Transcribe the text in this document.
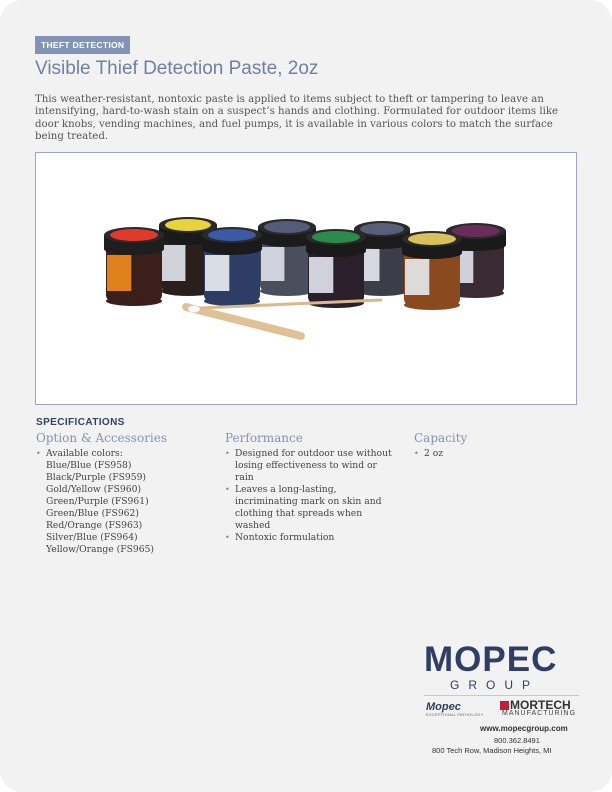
THEFT DETECTION
Visible Thief Detection Paste, 2oz
This weather-resistant, nontoxic paste is applied to items subject to theft or tampering to leave an intensifying, hard-to-wash stain on a suspect’s hands and clothing. Formulated for outdoor items like door knobs, vending machines, and fuel pumps, it is available in various colors to match the surface being treated.
SPECIFICATIONS
Option & Accessories
• Available colors:
Blue/Blue (FS958)
Black/Purple (FS959)
Gold/Yellow (FS960)
Green/Purple (FS961)
Green/Blue (FS962)
Red/Orange (FS963)
Silver/Blue (FS964)
Yellow/Orange (FS965)
Performance
• Designed for outdoor use without losing effectiveness to wind or rain
• Leaves a long-lasting, incriminating mark on skin and clothing that spreads when washed
• Nontoxic formulation
Capacity
• 2 oz
MOPEC
GROUP
Mopec
EXCEPTIONAL PATHOLOGY
MORTECH
MANUFACTURING
www.mopecgroup.com
800.362.8491
800 Tech Row, Madison Heights, MI
